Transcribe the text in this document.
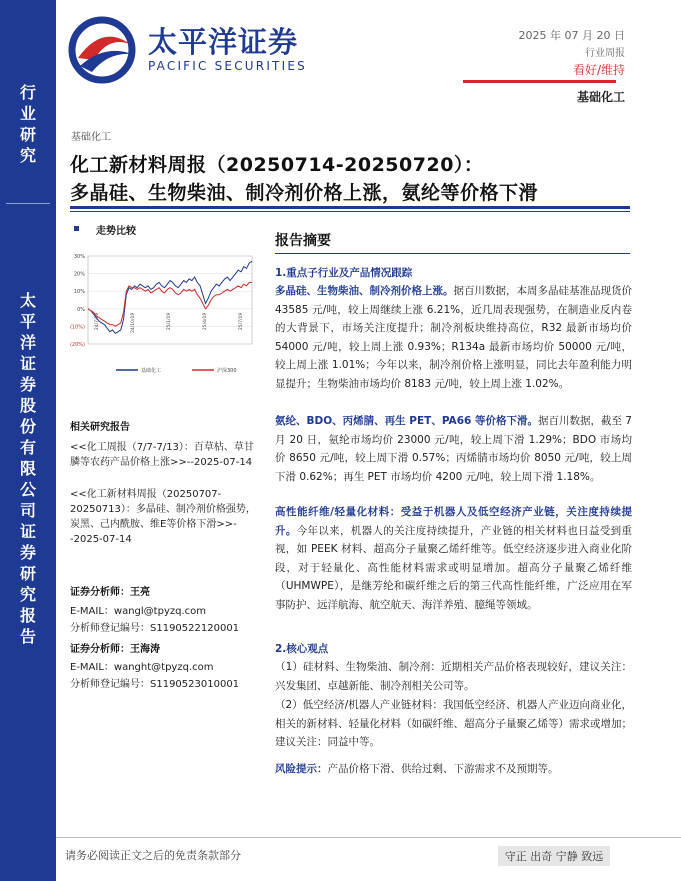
行业研究
太平洋证券股份有限公司证券研究报告
太平洋证券
PACIFIC SECURITIES
2025 年 07 月 20 日
行业周报
看好/维持
基础化工
基础化工
化工新材料周报（20250714-20250720）：
多晶硅、生物柴油、制冷剂价格上涨，氨纶等价格下滑
走势比较
30%
20%
10%
0%
(10%)
(20%)
24/7/19	24/10/19	25/1/19	25/4/19	25/7/19
基础化工	沪深300
相关研究报告
<<化工周报（7/7-7/13）：百草枯、草甘膦等农药产品价格上涨>>--2025-07-14
<<化工新材料周报（20250707-20250713）：多晶硅、制冷剂价格强势，炭黑、己内酰胺、维E等价格下滑>>--2025-07-14
证券分析师：王亮
E-MAIL：wangl@tpyzq.com
分析师登记编号：S1190522120001
证券分析师：王海涛
E-MAIL：wanght@tpyzq.com
分析师登记编号：S1190523010001
报告摘要
1.重点子行业及产品情况跟踪
多晶硅、生物柴油、制冷剂价格上涨。据百川数据，本周多晶硅基准品现货价 43585 元/吨，较上周继续上涨 6.21%，近几周表现强势，在制造业反内卷的大背景下，市场关注度提升；制冷剂板块维持高位，R32 最新市场均价 54000 元/吨，较上周上涨 0.93%；R134a 最新市场均价 50000 元/吨，较上周上涨 1.01%；今年以来，制冷剂价格上涨明显，同比去年盈利能力明显提升；生物柴油市场均价 8183 元/吨，较上周上涨 1.02%。
氨纶、BDO、丙烯腈、再生 PET、PA66 等价格下滑。据百川数据，截至 7 月 20 日，氨纶市场均价 23000 元/吨，较上周下滑 1.29%；BDO 市场均价 8650 元/吨，较上周下滑 0.57%；丙烯腈市场均价 8050 元/吨，较上周下滑 0.62%；再生 PET 市场均价 4200 元/吨，较上周下滑 1.18%。
高性能纤维/轻量化材料：受益于机器人及低空经济产业链，关注度持续提升。今年以来，机器人的关注度持续提升，产业链的相关材料也日益受到重视，如 PEEK 材料、超高分子量聚乙烯纤维等。低空经济逐步进入商业化阶段，对于轻量化、高性能材料需求或明显增加。超高分子量聚乙烯纤维（UHMWPE），是继芳纶和碳纤维之后的第三代高性能纤维，广泛应用在军事防护、远洋航海、航空航天、海洋养殖、臆绳等领域。
2.核心观点
（1）硅材料、生物柴油、制冷剂：近期相关产品价格表现较好，建议关注：兴发集团、卓越新能、制冷剂相关公司等。
（2）低空经济/机器人产业链材料：我国低空经济、机器人产业迈向商业化，相关的新材料、轻量化材料（如碳纤维、超高分子量聚乙烯等）需求或增加；建议关注：同益中等。
风险提示：产品价格下滑、供给过剩、下游需求不及预期等。
请务必阅读正文之后的免责条款部分	守正 出奇 宁静 致远
